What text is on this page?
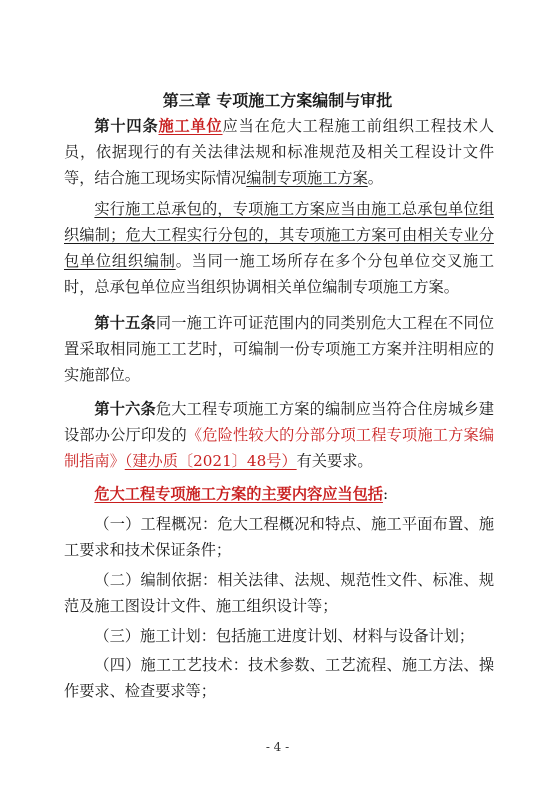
第三章 专项施工方案编制与审批
第十四条施工单位应当在危大工程施工前组织工程技术人员，依据现行的有关法律法规和标准规范及相关工程设计文件等，结合施工现场实际情况编制专项施工方案。
实行施工总承包的，专项施工方案应当由施工总承包单位组织编制；危大工程实行分包的，其专项施工方案可由相关专业分包单位组织编制。当同一施工场所存在多个分包单位交叉施工时，总承包单位应当组织协调相关单位编制专项施工方案。
第十五条同一施工许可证范围内的同类别危大工程在不同位置采取相同施工工艺时，可编制一份专项施工方案并注明相应的实施部位。
第十六条危大工程专项施工方案的编制应当符合住房城乡建设部办公厅印发的《危险性较大的分部分项工程专项施工方案编制指南》（建办质〔2021〕48号）有关要求。
危大工程专项施工方案的主要内容应当包括:
（一）工程概况：危大工程概况和特点、施工平面布置、施工要求和技术保证条件；
（二）编制依据：相关法律、法规、规范性文件、标准、规范及施工图设计文件、施工组织设计等；
（三）施工计划：包括施工进度计划、材料与设备计划；
（四）施工工艺技术：技术参数、工艺流程、施工方法、操作要求、检查要求等；
- 4 -
